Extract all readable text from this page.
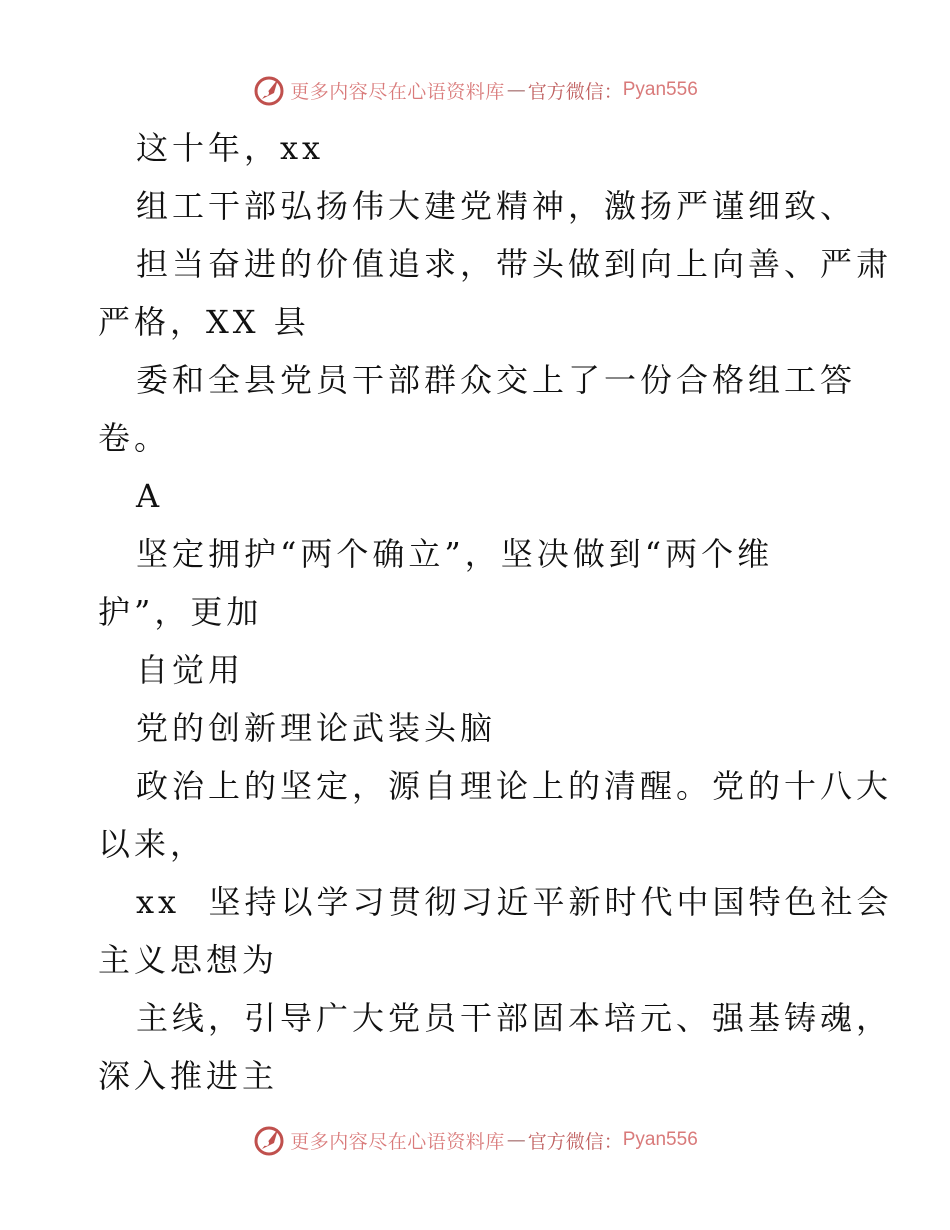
更多内容尽在心语资料库 — 官方微信： Pyan556
这十年，xx
组工干部弘扬伟大建党精神，激扬严谨细致、
担当奋进的价值追求，带头做到向上向善、严肃
严格，XX 县
委和全县党员干部群众交上了一份合格组工答
卷。
A
坚定拥护“两个确立”，坚决做到“两个维
护”，更加
自觉用
党的创新理论武装头脑
政治上的坚定，源自理论上的清醒。党的十八大
以来，
xx  坚持以学习贯彻习近平新时代中国特色社会
主义思想为
主线，引导广大党员干部固本培元、强基铸魂，
深入推进主
更多内容尽在心语资料库 — 官方微信： Pyan556
